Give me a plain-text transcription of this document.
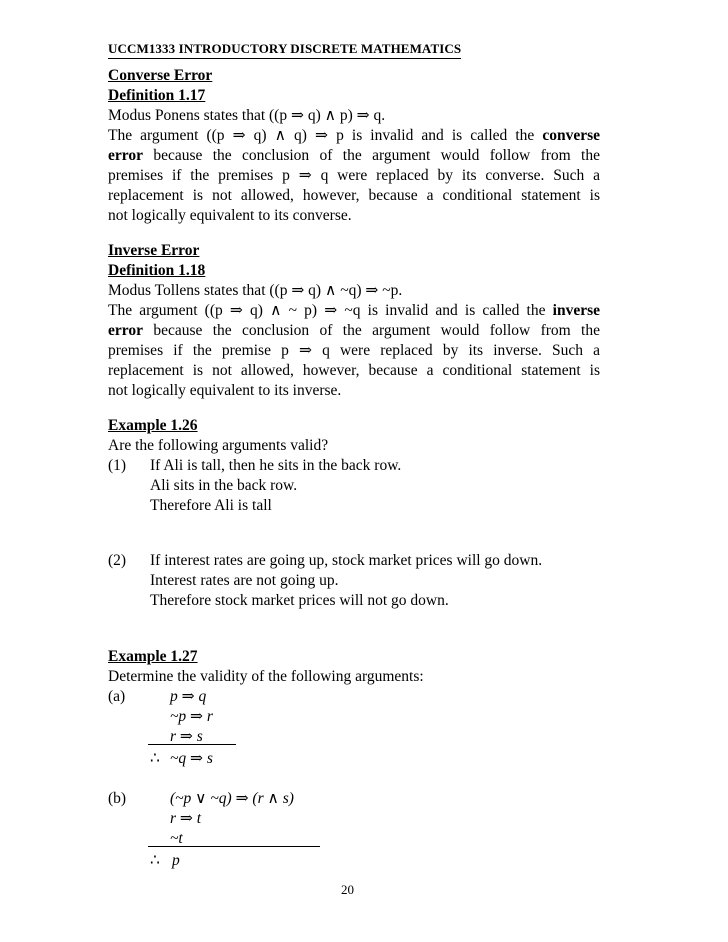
UCCM1333 INTRODUCTORY DISCRETE MATHEMATICS
Converse Error
Definition 1.17
Modus Ponens states that ((p ⇒ q) ∧ p) ⇒ q.
The argument ((p ⇒ q) ∧ q) ⇒ p is invalid and is called the converse
error because the conclusion of the argument would follow from the
premises if the premises p ⇒ q were replaced by its converse. Such a
replacement is not allowed, however, because a conditional statement is
not logically equivalent to its converse.
Inverse Error
Definition 1.18
Modus Tollens states that ((p ⇒ q) ∧ ~q) ⇒ ~p.
The argument ((p ⇒ q) ∧ ~ p) ⇒ ~q is invalid and is called the inverse
error because the conclusion of the argument would follow from the
premises if the premise p ⇒ q were replaced by its inverse. Such a
replacement is not allowed, however, because a conditional statement is
not logically equivalent to its inverse.
Example 1.26
Are the following arguments valid?
(1) If Ali is tall, then he sits in the back row.
Ali sits in the back row.
Therefore Ali is tall
(2) If interest rates are going up, stock market prices will go down.
Interest rates are not going up.
Therefore stock market prices will not go down.
Example 1.27
Determine the validity of the following arguments:
(a)	p ⇒ q
~p ⇒ r
r ⇒ s
∴ ~q ⇒ s
(b)	(~p ∨ ~q) ⇒ (r ∧ s)
r ⇒ t
~t
∴ p
20
